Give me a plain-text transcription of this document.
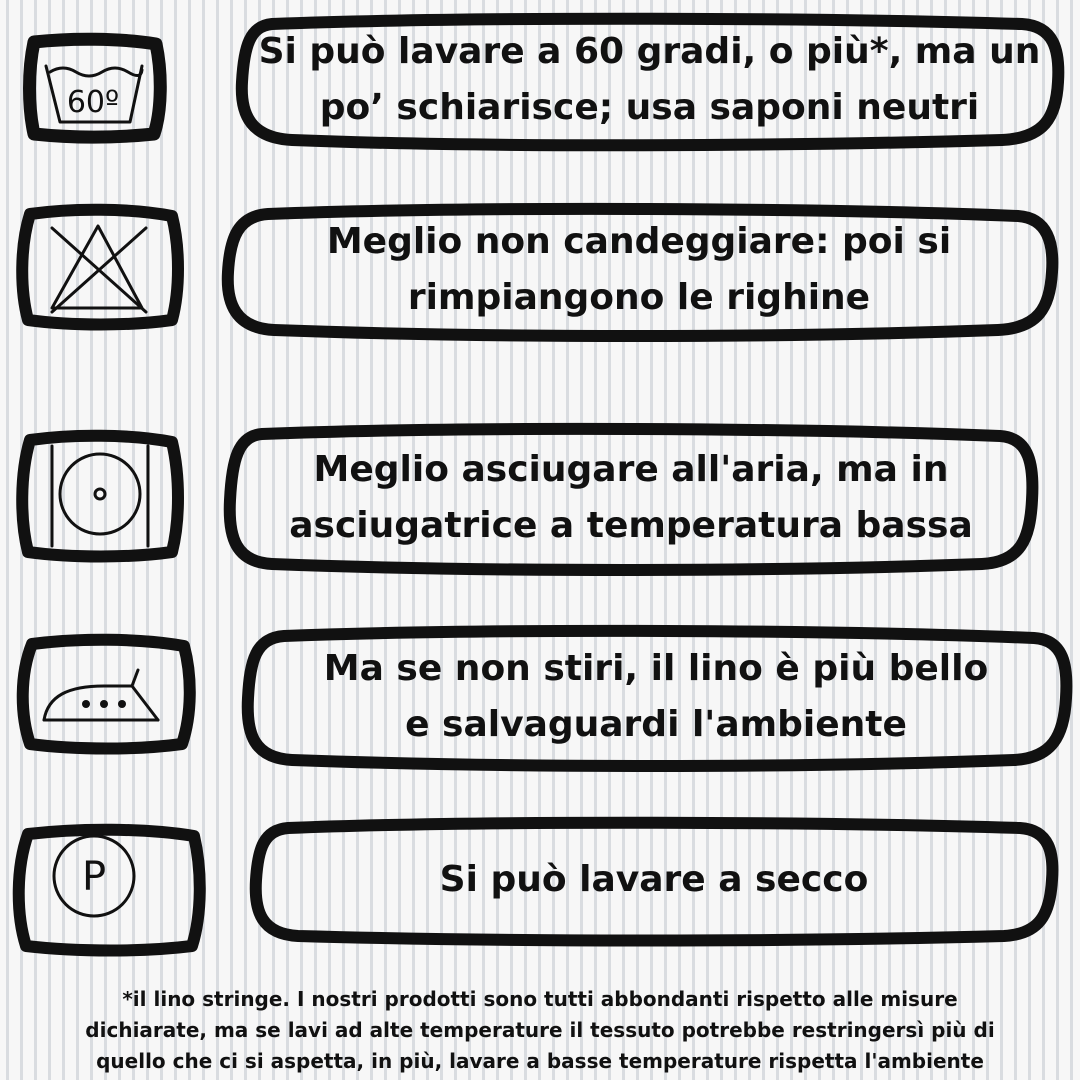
60º
Si può lavare a 60 gradi, o più*, ma un
po’ schiarisce; usa saponi neutri
Meglio non candeggiare: poi si
rimpiangono le righine
Meglio asciugare all'aria, ma in
asciugatrice a temperatura bassa
Ma se non stiri, il lino è più bello
e salvaguardi l'ambiente
P	Si può lavare a secco
*il lino stringe. I nostri prodotti sono tutti abbondanti rispetto alle misure
dichiarate, ma se lavi ad alte temperature il tessuto potrebbe restringersì più di
quello che ci si aspetta, in più, lavare a basse temperature rispetta l'ambiente
